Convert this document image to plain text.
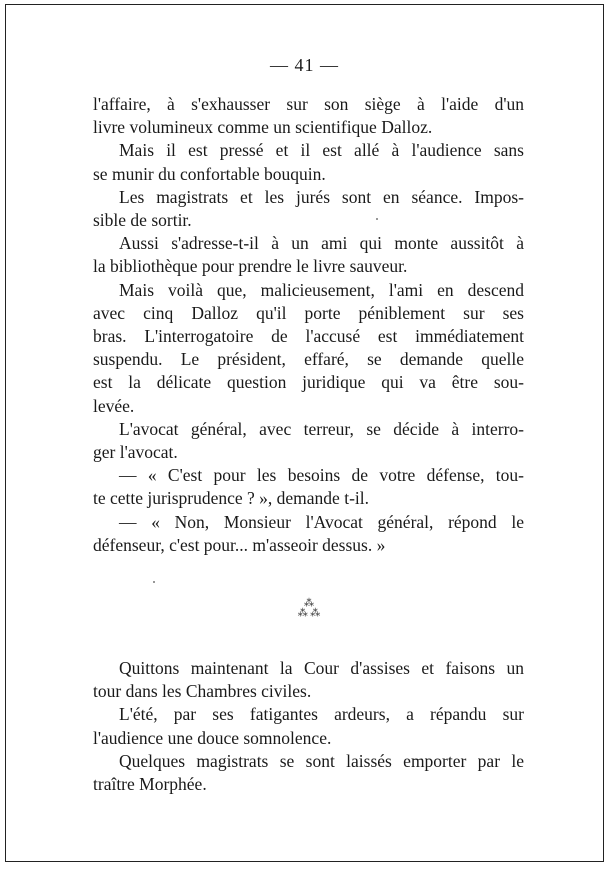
— 41 —

l'affaire, à s'exhausser sur son siège à l'aide d'un
livre volumineux comme un scientifique Dalloz.

Mais il est pressé et il est allé à l'audience sans
se munir du confortable bouquin.

Les magistrats et les jurés sont en séance. Impos-
sible de sortir.

Aussi s'adresse-t-il à un ami qui monte aussitôt à
la bibliothèque pour prendre le livre sauveur.

Mais voilà que, malicieusement, l'ami en descend
avec cinq Dalloz qu'il porte péniblement sur ses
bras. L'interrogatoire de l'accusé est immédiatement
suspendu. Le président, effaré, se demande quelle
est la délicate question juridique qui va être sou-
levée.

L'avocat général, avec terreur, se décide à interro-
ger l'avocat.

— « C'est pour les besoins de votre défense, tou-
te cette jurisprudence ? », demande t-il.

— « Non, Monsieur l'Avocat général, répond le
défenseur, c'est pour... m'asseoir dessus. »

⁂
⁂ ⁂

Quittons maintenant la Cour d'assises et faisons un
tour dans les Chambres civiles.

L'été, par ses fatigantes ardeurs, a répandu sur
l'audience une douce somnolence.

Quelques magistrats se sont laissés emporter par le
traître Morphée.
